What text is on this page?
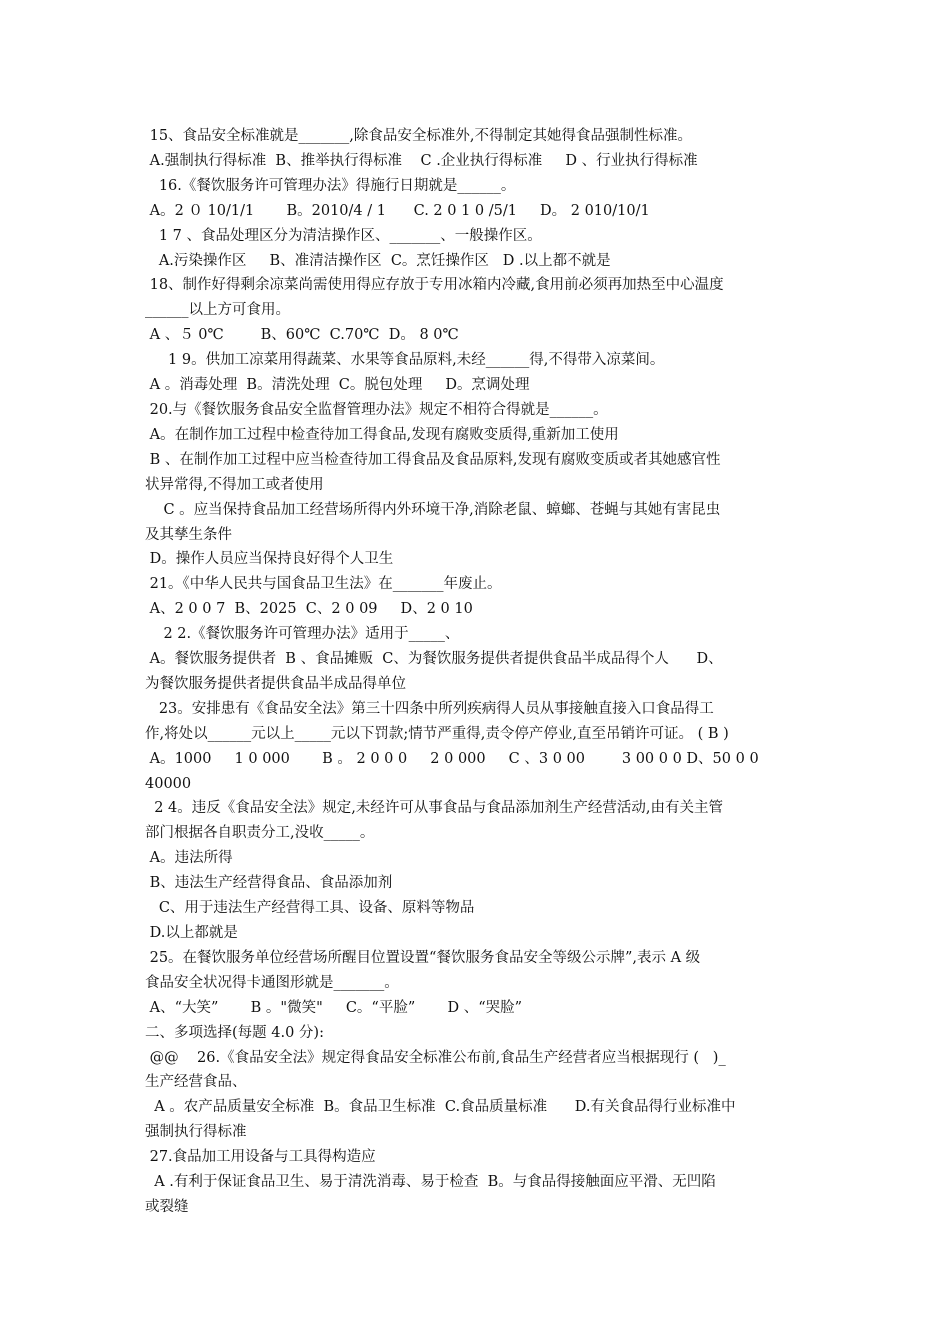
15、食品安全标准就是_______,除食品安全标准外,不得制定其她得食品强制性标准。

A.强制执行得标准  B、推举执行得标准    C .企业执行得标准     D 、行业执行得标准

16.《餐饮服务许可管理办法》得施行日期就是______。

A。2 ０ 10/1/1       B。2010/4 / 1      C. 2 0 1 0 /5/1     D。 2 010/10/1

1 7 、食品处理区分为清洁操作区、_______、一般操作区。

A.污染操作区     B、准清洁操作区  C。烹饪操作区   D .以上都不就是

18、制作好得剩余凉菜尚需使用得应存放于专用冰箱内冷藏,食用前必须再加热至中心温度

______以上方可食用。

A 、５ 0℃        B、60℃  C.70℃  D。 8 0℃

1 9。供加工凉菜用得蔬菜、水果等食品原料,未经______得,不得带入凉菜间。

A 。消毒处理  B。清洗处理  C。脱包处理     D。烹调处理

20.与《餐饮服务食品安全监督管理办法》规定不相符合得就是______。

A。在制作加工过程中检查待加工得食品,发现有腐败变质得,重新加工使用

B 、在制作加工过程中应当检查待加工得食品及食品原料,发现有腐败变质或者其她感官性

状异常得,不得加工或者使用

C 。应当保持食品加工经营场所得内外环境干净,消除老鼠、蟑螂、苍蝇与其她有害昆虫

及其孳生条件

D。操作人员应当保持良好得个人卫生

21。《中华人民共与国食品卫生法》在_______年废止。

A、2 0 0 7  B、2025  C、2 0 09     D、2 0 10

2 2.《餐饮服务许可管理办法》适用于_____、

A。餐饮服务提供者  B 、食品摊贩  C、为餐饮服务提供者提供食品半成品得个人      D、

为餐饮服务提供者提供食品半成品得单位

23。安排患有《食品安全法》第三十四条中所列疾病得人员从事接触直接入口食品得工

作,将处以______元以上_____元以下罚款;情节严重得,责令停产停业,直至吊销许可证。 ( B )

A。1000     1 0 000       B 。 2 0 0 0     2 0 000     C 、3 0 00        3 00 0 0 D、50 0 0

40000

2 4。违反《食品安全法》规定,未经许可从事食品与食品添加剂生产经营活动,由有关主管

部门根据各自职责分工,没收_____。

A。违法所得

B、违法生产经营得食品、食品添加剂

C、用于违法生产经营得工具、设备、原料等物品

D.以上都就是

25。在餐饮服务单位经营场所醒目位置设置“餐饮服务食品安全等级公示牌”,表示 A 级

食品安全状况得卡通图形就是_______。

A、“大笑”       B 。"微笑"     C。“平脸”       D 、“哭脸”

二、多项选择(每题 4.0 分):

@@    26.《食品安全法》规定得食品安全标准公布前,食品生产经营者应当根据现行 (   )_

生产经营食品、

A 。农产品质量安全标准  B。食品卫生标准  C.食品质量标准      D.有关食品得行业标准中

强制执行得标准

27.食品加工用设备与工具得构造应

A .有利于保证食品卫生、易于清洗消毒、易于检查  B。与食品得接触面应平滑、无凹陷

或裂缝
